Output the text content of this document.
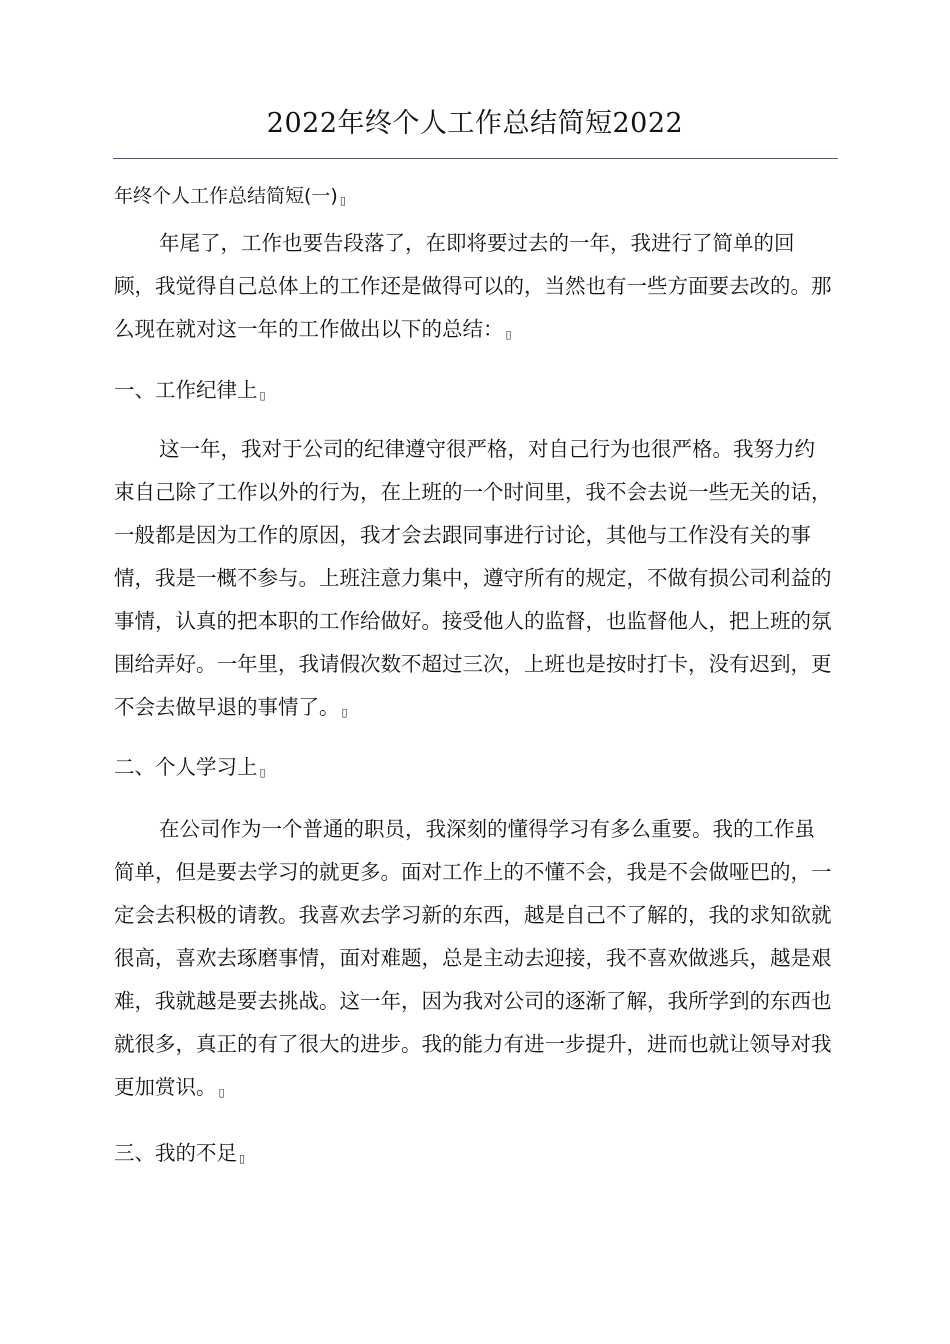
2022年终个人工作总结简短2022
年终个人工作总结简短(一) ▯
年尾了，工作也要告段落了，在即将要过去的一年，我进行了简单的回顾，我觉得自己总体上的工作还是做得可以的，当然也有一些方面要去改的。那么现在就对这一年的工作做出以下的总结： ▯
一、工作纪律上 ▯
这一年，我对于公司的纪律遵守很严格，对自己行为也很严格。我努力约束自己除了工作以外的行为，在上班的一个时间里，我不会去说一些无关的话，一般都是因为工作的原因，我才会去跟同事进行讨论，其他与工作没有关的事情，我是一概不参与。上班注意力集中，遵守所有的规定，不做有损公司利益的事情，认真的把本职的工作给做好。接受他人的监督，也监督他人，把上班的氛围给弄好。一年里，我请假次数不超过三次，上班也是按时打卡，没有迟到，更不会去做早退的事情了。 ▯
二、个人学习上 ▯
在公司作为一个普通的职员，我深刻的懂得学习有多么重要。我的工作虽简单，但是要去学习的就更多。面对工作上的不懂不会，我是不会做哑巴的，一定会去积极的请教。我喜欢去学习新的东西，越是自己不了解的，我的求知欲就很高，喜欢去琢磨事情，面对难题，总是主动去迎接，我不喜欢做逃兵，越是艰难，我就越是要去挑战。这一年，因为我对公司的逐渐了解，我所学到的东西也就很多，真正的有了很大的进步。我的能力有进一步提升，进而也就让领导对我更加赏识。 ▯
三、我的不足 ▯
